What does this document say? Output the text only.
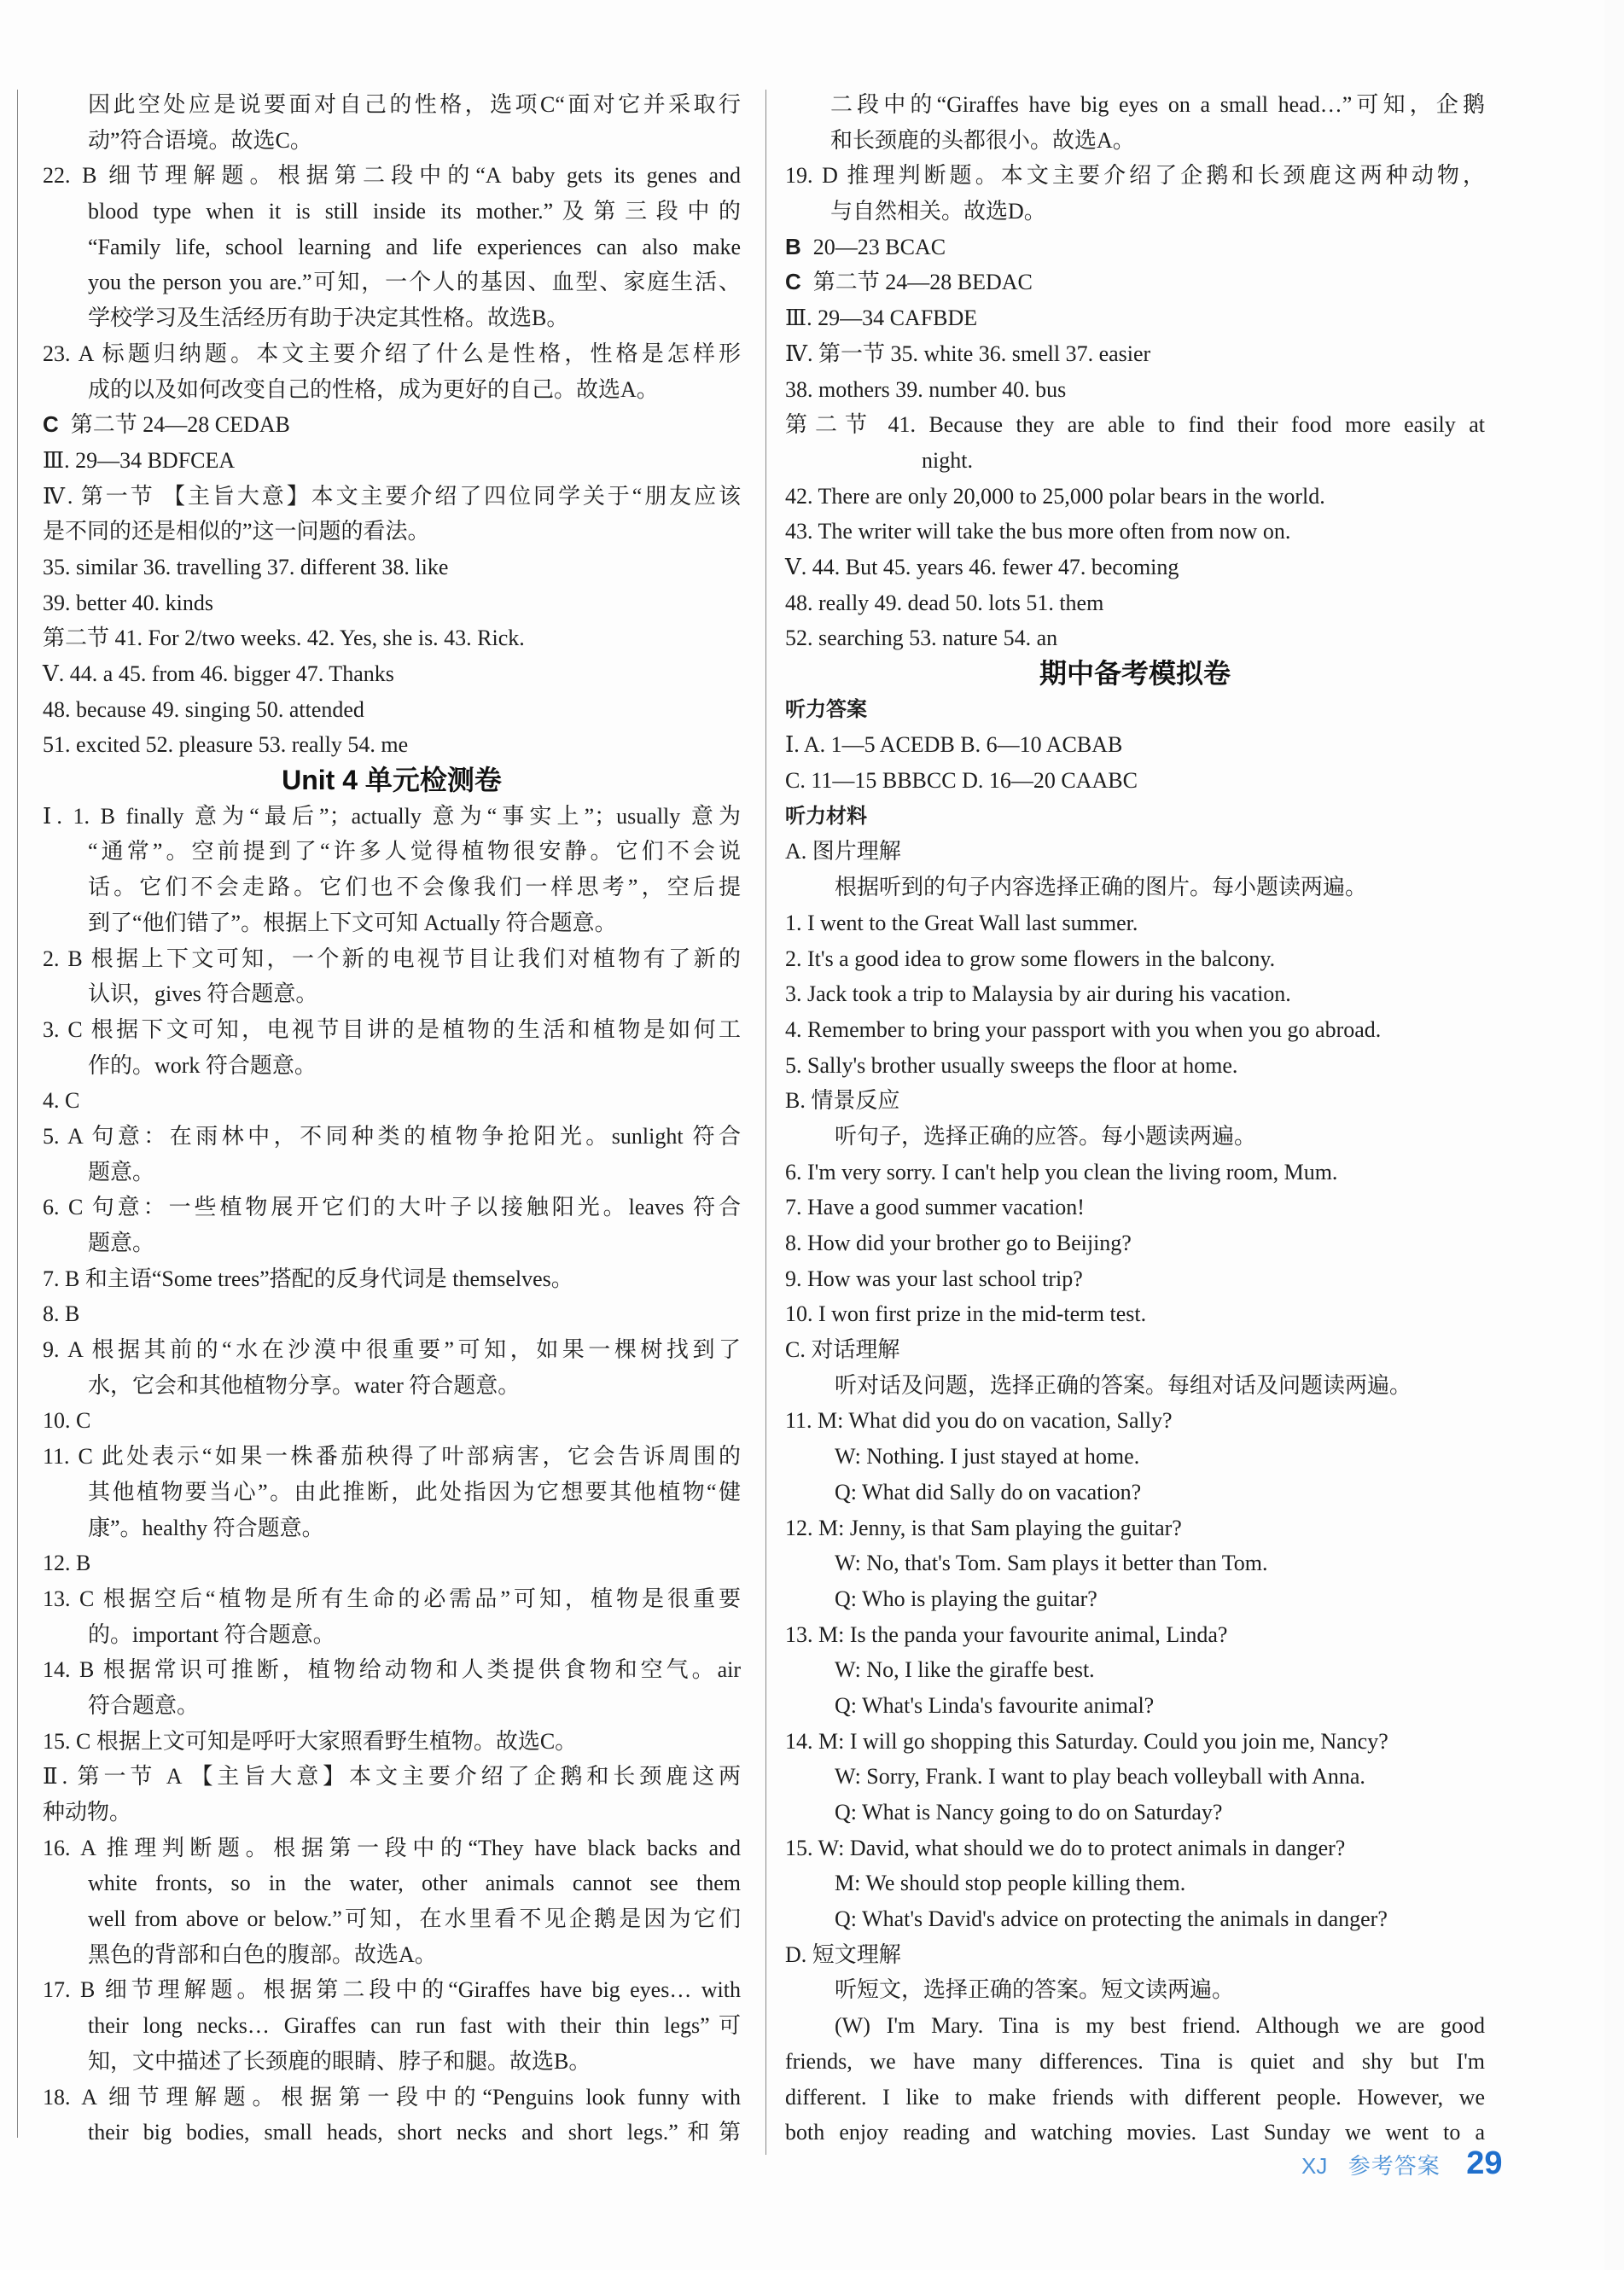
因此空处应是说要面对自己的性格，选项C“面对它并采取行
动”符合语境。故选C。
22. B 细节理解题。根据第二段中的“A baby gets its genes and
blood type when it is still inside its mother.”及第三段中的
“Family life, school learning and life experiences can also make
you the person you are.”可知，一个人的基因、血型、家庭生活、
学校学习及生活经历有助于决定其性格。故选B。
23. A 标题归纳题。本文主要介绍了什么是性格，性格是怎样形
成的以及如何改变自己的性格，成为更好的自己。故选A。
C 第二节 24—28 CEDAB
Ⅲ. 29—34 BDFCEA
Ⅳ. 第一节 【主旨大意】本文主要介绍了四位同学关于“朋友应该
是不同的还是相似的”这一问题的看法。
35. similar 36. travelling 37. different 38. like
39. better 40. kinds
第二节 41. For 2/two weeks. 42. Yes, she is. 43. Rick.
Ⅴ. 44. a 45. from 46. bigger 47. Thanks
48. because 49. singing 50. attended
51. excited 52. pleasure 53. really 54. me
Unit 4 单元检测卷
Ⅰ. 1. B finally 意为“最后”；actually 意为“事实上”；usually 意为
“通常”。空前提到了“许多人觉得植物很安静。它们不会说
话。它们不会走路。它们也不会像我们一样思考”，空后提
到了“他们错了”。根据上下文可知 Actually 符合题意。
2. B 根据上下文可知，一个新的电视节目让我们对植物有了新的
认识，gives 符合题意。
3. C 根据下文可知，电视节目讲的是植物的生活和植物是如何工
作的。work 符合题意。
4. C
5. A 句意：在雨林中，不同种类的植物争抢阳光。sunlight 符合
题意。
6. C 句意：一些植物展开它们的大叶子以接触阳光。leaves 符合
题意。
7. B 和主语“Some trees”搭配的反身代词是 themselves。
8. B
9. A 根据其前的“水在沙漠中很重要”可知，如果一棵树找到了
水，它会和其他植物分享。water 符合题意。
10. C
11. C 此处表示“如果一株番茄秧得了叶部病害，它会告诉周围的
其他植物要当心”。由此推断，此处指因为它想要其他植物“健
康”。healthy 符合题意。
12. B
13. C 根据空后“植物是所有生命的必需品”可知，植物是很重要
的。important 符合题意。
14. B 根据常识可推断，植物给动物和人类提供食物和空气。air
符合题意。
15. C 根据上文可知是呼吁大家照看野生植物。故选C。
Ⅱ. 第一节 A 【主旨大意】本文主要介绍了企鹅和长颈鹿这两
种动物。
16. A 推理判断题。根据第一段中的“They have black backs and
white fronts, so in the water, other animals cannot see them
well from above or below.”可知，在水里看不见企鹅是因为它们
黑色的背部和白色的腹部。故选A。
17. B 细节理解题。根据第二段中的“Giraffes have big eyes… with
their long necks… Giraffes can run fast with their thin legs”可
知，文中描述了长颈鹿的眼睛、脖子和腿。故选B。
18. A 细节理解题。根据第一段中的“Penguins look funny with
their big bodies, small heads, short necks and short legs.”和第
二段中的“Giraffes have big eyes on a small head…”可知，企鹅
和长颈鹿的头都很小。故选A。
19. D 推理判断题。本文主要介绍了企鹅和长颈鹿这两种动物，
与自然相关。故选D。
B 20—23 BCAC
C 第二节 24—28 BEDAC
Ⅲ. 29—34 CAFBDE
Ⅳ. 第一节 35. white 36. smell 37. easier
38. mothers 39. number 40. bus
第二节 41. Because they are able to find their food more easily at
night.
42. There are only 20,000 to 25,000 polar bears in the world.
43. The writer will take the bus more often from now on.
Ⅴ. 44. But 45. years 46. fewer 47. becoming
48. really 49. dead 50. lots 51. them
52. searching 53. nature 54. an
期中备考模拟卷
听力答案
Ⅰ. A. 1—5 ACEDB B. 6—10 ACBAB
C. 11—15 BBBCC D. 16—20 CAABC
听力材料
A. 图片理解
根据听到的句子内容选择正确的图片。每小题读两遍。
1. I went to the Great Wall last summer.
2. It's a good idea to grow some flowers in the balcony.
3. Jack took a trip to Malaysia by air during his vacation.
4. Remember to bring your passport with you when you go abroad.
5. Sally's brother usually sweeps the floor at home.
B. 情景反应
听句子，选择正确的应答。每小题读两遍。
6. I'm very sorry. I can't help you clean the living room, Mum.
7. Have a good summer vacation!
8. How did your brother go to Beijing?
9. How was your last school trip?
10. I won first prize in the mid-term test.
C. 对话理解
听对话及问题，选择正确的答案。每组对话及问题读两遍。
11. M: What did you do on vacation, Sally?
W: Nothing. I just stayed at home.
Q: What did Sally do on vacation?
12. M: Jenny, is that Sam playing the guitar?
W: No, that's Tom. Sam plays it better than Tom.
Q: Who is playing the guitar?
13. M: Is the panda your favourite animal, Linda?
W: No, I like the giraffe best.
Q: What's Linda's favourite animal?
14. M: I will go shopping this Saturday. Could you join me, Nancy?
W: Sorry, Frank. I want to play beach volleyball with Anna.
Q: What is Nancy going to do on Saturday?
15. W: David, what should we do to protect animals in danger?
M: We should stop people killing them.
Q: What's David's advice on protecting the animals in danger?
D. 短文理解
听短文，选择正确的答案。短文读两遍。
(W) I'm Mary. Tina is my best friend. Although we are good
friends, we have many differences. Tina is quiet and shy but I'm
different. I like to make friends with different people. However, we
both enjoy reading and watching movies. Last Sunday we went to a
XJ 参考答案 29
